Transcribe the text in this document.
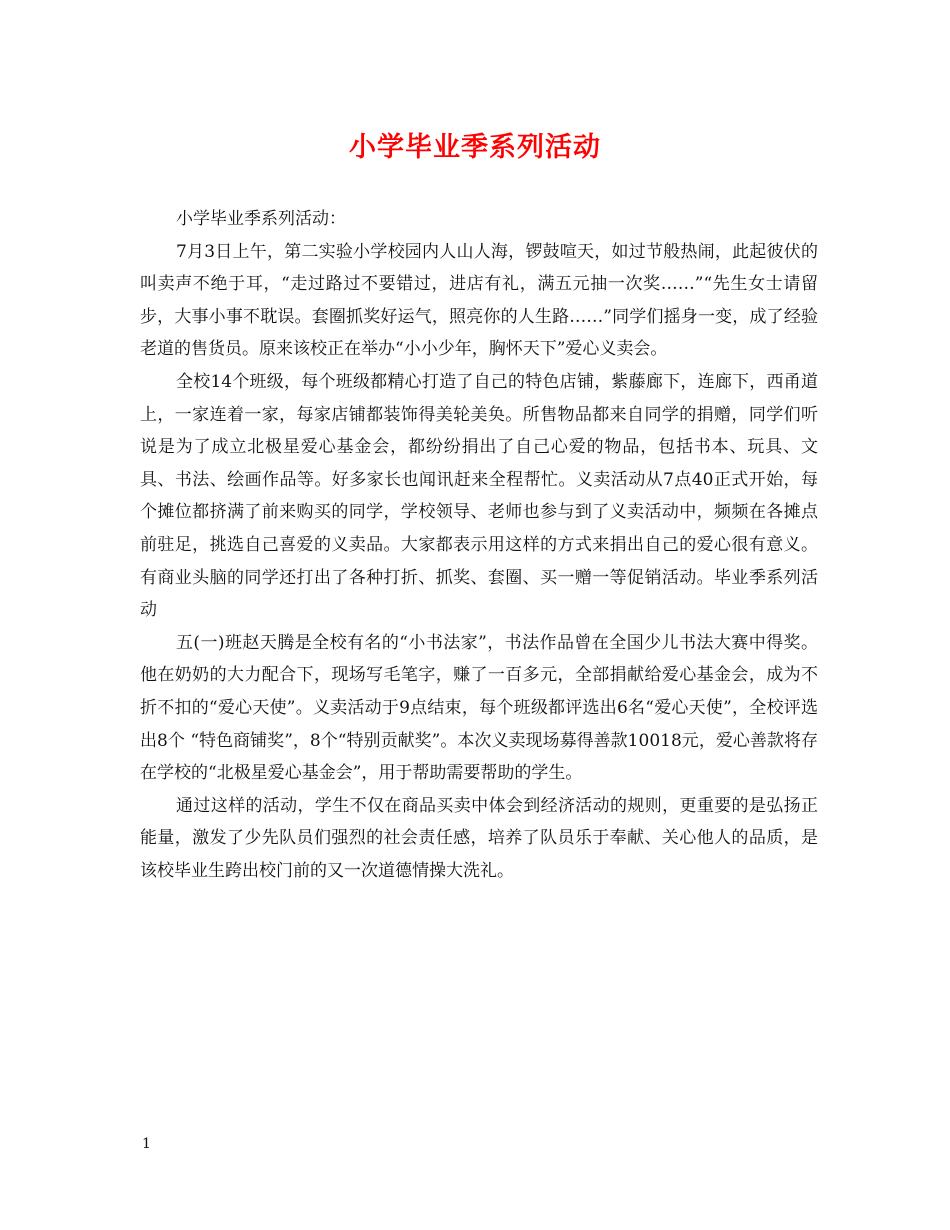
小学毕业季系列活动

小学毕业季系列活动：

7月3日上午，第二实验小学校园内人山人海，锣鼓喧天，如过节般热闹，此起彼伏的叫卖声不绝于耳，“走过路过不要错过，进店有礼，满五元抽一次奖……”“先生女士请留步，大事小事不耽误。套圈抓奖好运气，照亮你的人生路……”同学们摇身一变，成了经验老道的售货员。原来该校正在举办“小小少年，胸怀天下”爱心义卖会。

全校14个班级，每个班级都精心打造了自己的特色店铺，紫藤廊下，连廊下，西甬道上，一家连着一家，每家店铺都装饰得美轮美奂。所售物品都来自同学的捐赠，同学们听说是为了成立北极星爱心基金会，都纷纷捐出了自己心爱的物品，包括书本、玩具、文具、书法、绘画作品等。好多家长也闻讯赶来全程帮忙。义卖活动从7点40正式开始，每个摊位都挤满了前来购买的同学，学校领导、老师也参与到了义卖活动中，频频在各摊点前驻足，挑选自己喜爱的义卖品。大家都表示用这样的方式来捐出自己的爱心很有意义。有商业头脑的同学还打出了各种打折、抓奖、套圈、买一赠一等促销活动。毕业季系列活动

五(一)班赵天腾是全校有名的“小书法家”，书法作品曾在全国少儿书法大赛中得奖。他在奶奶的大力配合下，现场写毛笔字，赚了一百多元，全部捐献给爱心基金会，成为不折不扣的“爱心天使”。义卖活动于9点结束，每个班级都评选出6名“爱心天使”，全校评选出8个 “特色商铺奖”，8个“特别贡献奖”。本次义卖现场募得善款10018元，爱心善款将存在学校的“北极星爱心基金会”，用于帮助需要帮助的学生。

通过这样的活动，学生不仅在商品买卖中体会到经济活动的规则，更重要的是弘扬正能量，激发了少先队员们强烈的社会责任感，培养了队员乐于奉献、关心他人的品质，是该校毕业生跨出校门前的又一次道德情操大洗礼。

1
